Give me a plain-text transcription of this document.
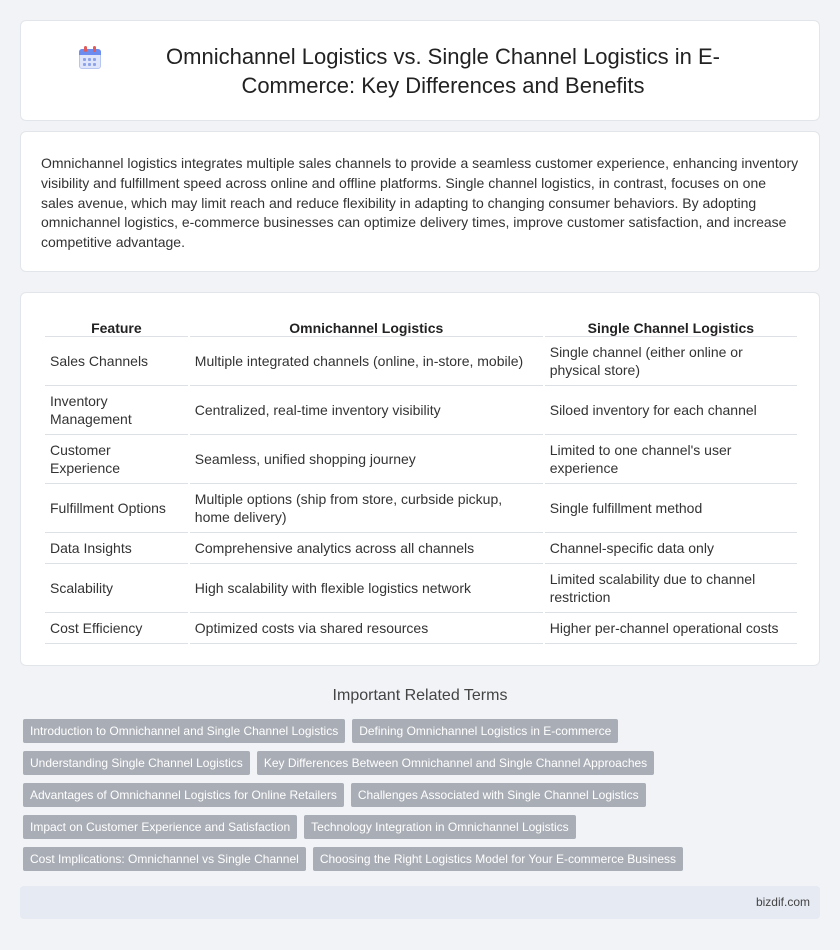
Omnichannel Logistics vs. Single Channel Logistics in E-Commerce: Key Differences and Benefits

Omnichannel logistics integrates multiple sales channels to provide a seamless customer experience, enhancing inventory visibility and fulfillment speed across online and offline platforms. Single channel logistics, in contrast, focuses on one sales avenue, which may limit reach and reduce flexibility in adapting to changing consumer behaviors. By adopting omnichannel logistics, e-commerce businesses can optimize delivery times, improve customer satisfaction, and increase competitive advantage.

Feature	Omnichannel Logistics	Single Channel Logistics
Sales Channels	Multiple integrated channels (online, in-store, mobile)	Single channel (either online or physical store)
Inventory Management	Centralized, real-time inventory visibility	Siloed inventory for each channel
Customer Experience	Seamless, unified shopping journey	Limited to one channel's user experience
Fulfillment Options	Multiple options (ship from store, curbside pickup, home delivery)	Single fulfillment method
Data Insights	Comprehensive analytics across all channels	Channel-specific data only
Scalability	High scalability with flexible logistics network	Limited scalability due to channel restriction
Cost Efficiency	Optimized costs via shared resources	Higher per-channel operational costs
Important Related Terms
Introduction to Omnichannel and Single Channel Logistics	Defining Omnichannel Logistics in E-commerce
Understanding Single Channel Logistics	Key Differences Between Omnichannel and Single Channel Approaches
Advantages of Omnichannel Logistics for Online Retailers	Challenges Associated with Single Channel Logistics
Impact on Customer Experience and Satisfaction	Technology Integration in Omnichannel Logistics
Cost Implications: Omnichannel vs Single Channel	Choosing the Right Logistics Model for Your E-commerce Business
bizdif.com
